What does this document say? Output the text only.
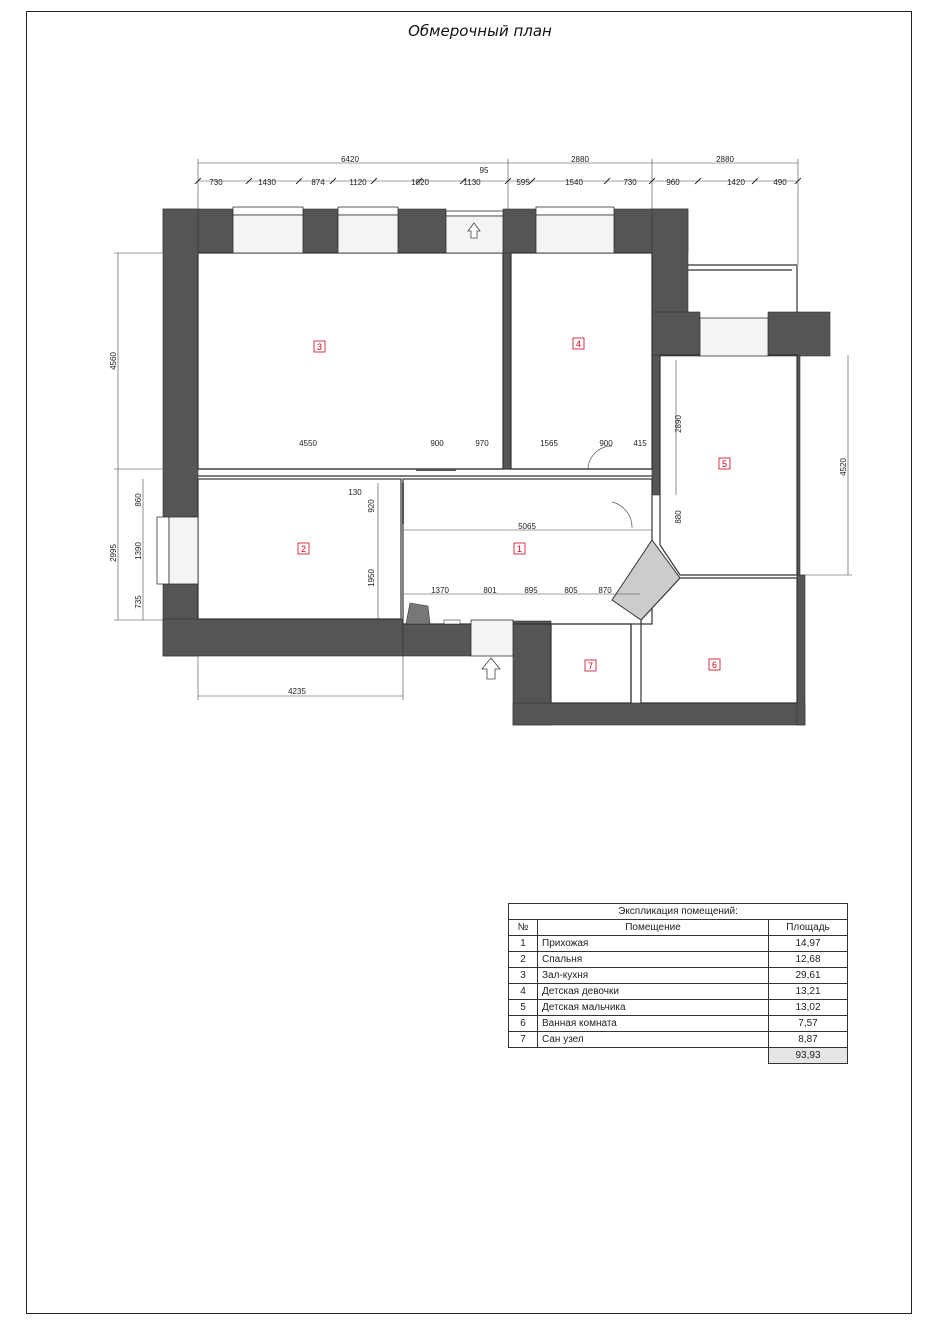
Обмерочный план
6420	2880	2880
730	1430	874	1120	1020	1130	595	1540	730	960	1420	490
95
4560
2995
860
1390
735
4520
4235
4550	900	970	1565	900	415
130
920
5065
1950
1370	801	895	805	870
2890
880
1
2
3	4
5
6
7
Экспликация помещений:		
№	Помещение	Площадь
1	Прихожая	14,97
2	Спальня	12,68
3	Зал-кухня	29,61
4	Детская девочки	13,21
5	Детская мальчика	13,02
6	Ванная комната	7,57
7	Сан узел	8,87
		93,93
